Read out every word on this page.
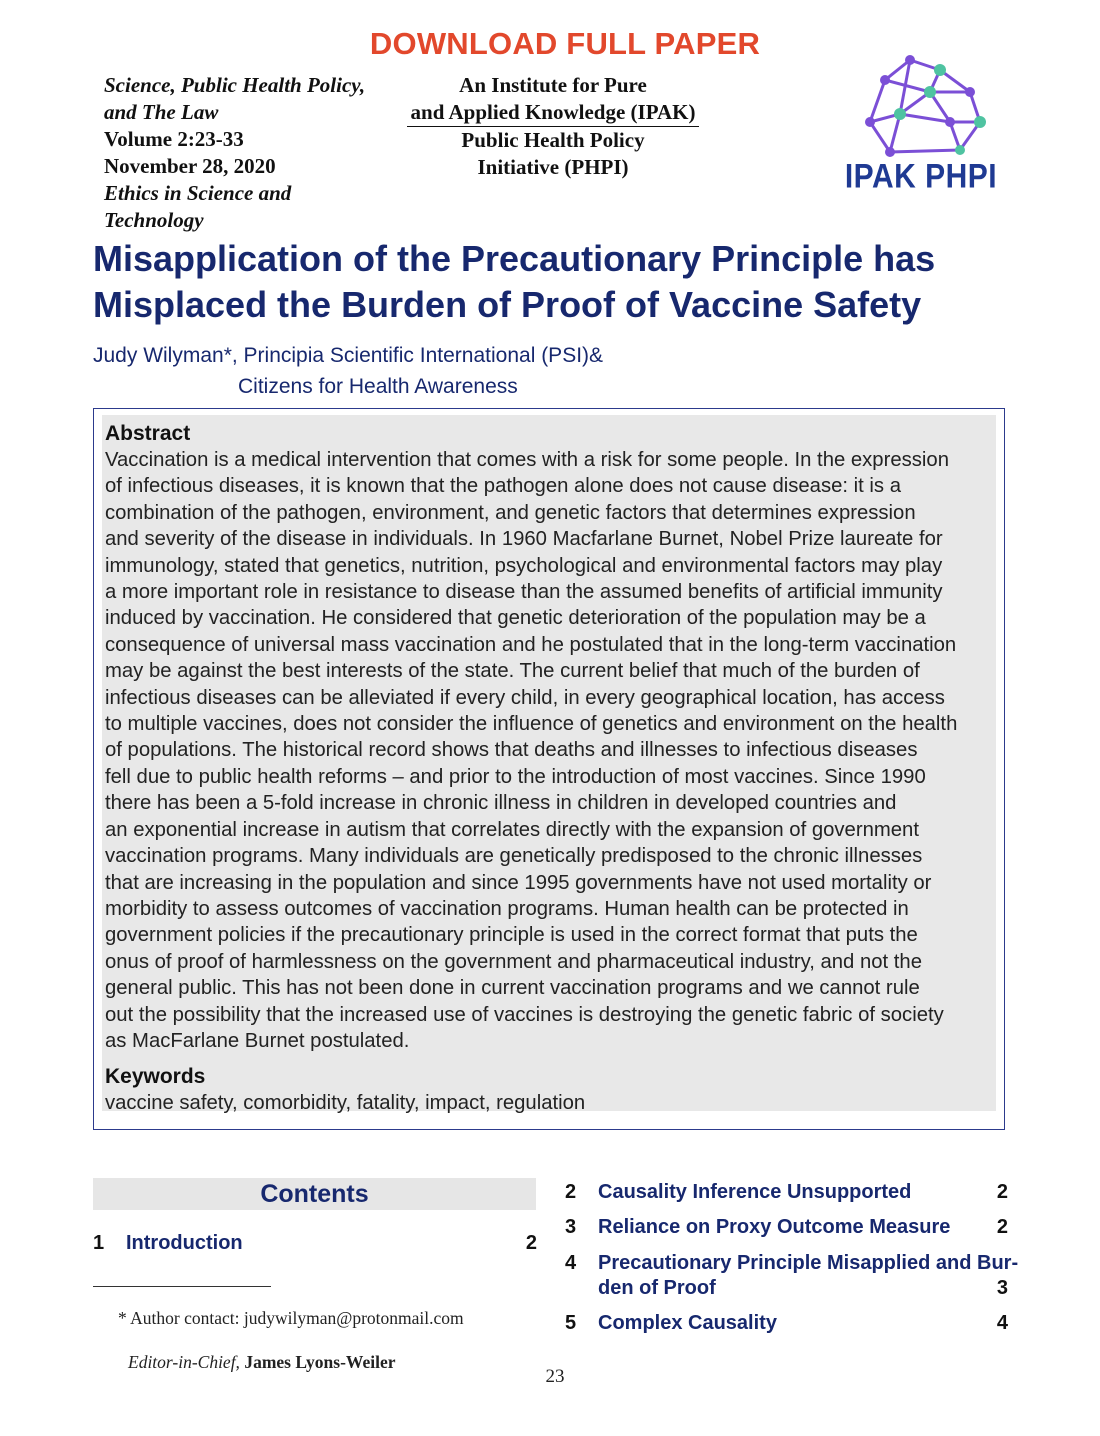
DOWNLOAD FULL PAPER
Science, Public Health Policy,
and The Law
Volume 2:23-33
November 28, 2020
Ethics in Science and
Technology
An Institute for Pure
and Applied Knowledge (IPAK)
Public Health Policy
Initiative (PHPI)	IPAK PHPI
Misapplication of the Precautionary Principle has
Misplaced the Burden of Proof of Vaccine Safety
Judy Wilyman*, Principia Scientific International (PSI)&
Citizens for Health Awareness
Abstract
Vaccination is a medical intervention that comes with a risk for some people. In the expression
of infectious diseases, it is known that the pathogen alone does not cause disease: it is a
combination of the pathogen, environment, and genetic factors that determines expression
and severity of the disease in individuals. In 1960 Macfarlane Burnet, Nobel Prize laureate for
immunology, stated that genetics, nutrition, psychological and environmental factors may play
a more important role in resistance to disease than the assumed benefits of artificial immunity
induced by vaccination. He considered that genetic deterioration of the population may be a
consequence of universal mass vaccination and he postulated that in the long-term vaccination
may be against the best interests of the state. The current belief that much of the burden of
infectious diseases can be alleviated if every child, in every geographical location, has access
to multiple vaccines, does not consider the influence of genetics and environment on the health
of populations. The historical record shows that deaths and illnesses to infectious diseases
fell due to public health reforms – and prior to the introduction of most vaccines. Since 1990
there has been a 5-fold increase in chronic illness in children in developed countries and
an exponential increase in autism that correlates directly with the expansion of government
vaccination programs. Many individuals are genetically predisposed to the chronic illnesses
that are increasing in the population and since 1995 governments have not used mortality or
morbidity to assess outcomes of vaccination programs. Human health can be protected in
government policies if the precautionary principle is used in the correct format that puts the
onus of proof of harmlessness on the government and pharmaceutical industry, and not the
general public. This has not been done in current vaccination programs and we cannot rule
out the possibility that the increased use of vaccines is destroying the genetic fabric of society
as MacFarlane Burnet postulated.
Keywords
vaccine safety, comorbidity, fatality, impact, regulation
Contents
1 Introduction	2
2 Causality Inference Unsupported	2
3 Reliance on Proxy Outcome Measure	2
4 Precautionary Principle Misapplied and Bur-
den of Proof	3
5 Complex Causality	4
* Author contact: judywilyman@protonmail.com
Editor-in-Chief, James Lyons-Weiler
23
